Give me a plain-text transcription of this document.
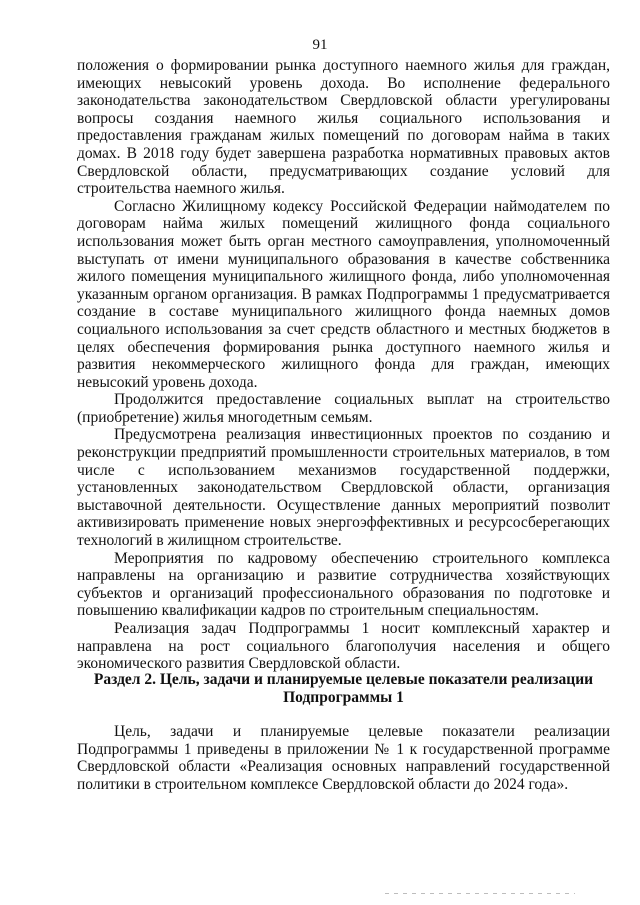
91

положения о формировании рынка доступного наемного жилья для граждан, имеющих невысокий уровень дохода. Во исполнение федерального законодательства законодательством Свердловской области урегулированы вопросы создания наемного жилья социального использования и предоставления гражданам жилых помещений по договорам найма в таких домах. В 2018 году будет завершена разработка нормативных правовых актов Свердловской области, предусматривающих создание условий для строительства наемного жилья.

Согласно Жилищному кодексу Российской Федерации наймодателем по договорам найма жилых помещений жилищного фонда социального использования может быть орган местного самоуправления, уполномоченный выступать от имени муниципального образования в качестве собственника жилого помещения муниципального жилищного фонда, либо уполномоченная указанным органом организация. В рамках Подпрограммы 1 предусматривается создание в составе муниципального жилищного фонда наемных домов социального использования за счет средств областного и местных бюджетов в целях обеспечения формирования рынка доступного наемного жилья и развития некоммерческого жилищного фонда для граждан, имеющих невысокий уровень дохода.

Продолжится предоставление социальных выплат на строительство (приобретение) жилья многодетным семьям.

Предусмотрена реализация инвестиционных проектов по созданию и реконструкции предприятий промышленности строительных материалов, в том числе с использованием механизмов государственной поддержки, установленных законодательством Свердловской области, организация выставочной деятельности. Осуществление данных мероприятий позволит активизировать применение новых энергоэффективных и ресурсосберегающих технологий в жилищном строительстве.

Мероприятия по кадровому обеспечению строительного комплекса направлены на организацию и развитие сотрудничества хозяйствующих субъектов и организаций профессионального образования по подготовке и повышению квалификации кадров по строительным специальностям.

Реализация задач Подпрограммы 1 носит комплексный характер и направлена на рост социального благополучия населения и общего экономического развития Свердловской области.

Раздел 2. Цель, задачи и планируемые целевые показатели реализации Подпрограммы 1

Цель, задачи и планируемые целевые показатели реализации Подпрограммы 1 приведены в приложении № 1 к государственной программе Свердловской области «Реализация основных направлений государственной политики в строительном комплексе Свердловской области до 2024 года».
